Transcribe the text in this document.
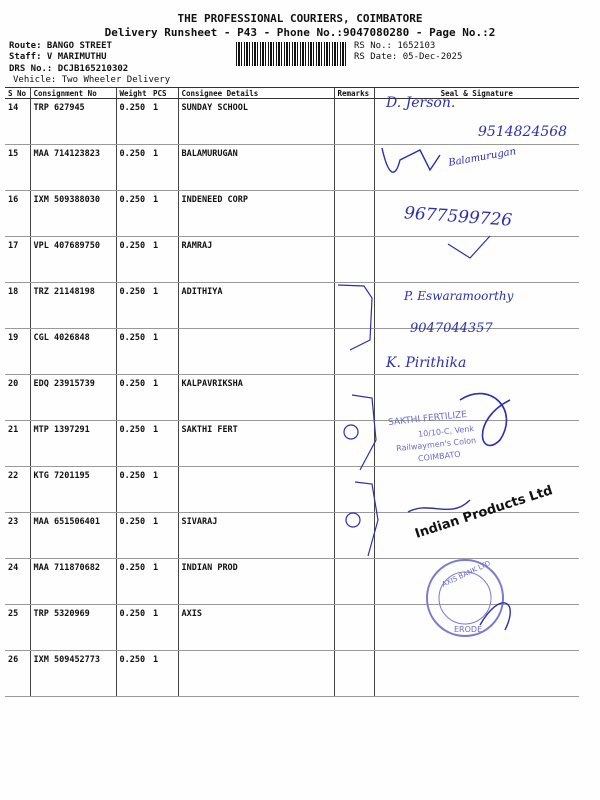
THE PROFESSIONAL COURIERS, COIMBATORE
Delivery Runsheet - P43 - Phone No.:9047080280 - Page No.:2
Route: BANGO STREET
Staff: V MARIMUTHU
DRS No.: DCJB165210302
Vehicle: Two Wheeler Delivery
RS No.: 1652103
RS Date: 05-Dec-2025
S No	Consignment No	Weight	PCS	Consignee Details	Remarks	Seal & Signature
14	TRP 627945	0.250	1	SUNDAY SCHOOL		
15	MAA 714123823	0.250	1	BALAMURUGAN		
16	IXM 509388030	0.250	1	INDENEED CORP		
17	VPL 407689750	0.250	1	RAMRAJ		
18	TRZ 21148198	0.250	1	ADITHIYA		
19	CGL 4026848	0.250	1			
20	EDQ 23915739	0.250	1	KALPAVRIKSHA		
21	MTP 1397291	0.250	1	SAKTHI FERT		
22	KTG 7201195	0.250	1			
23	MAA 651506401	0.250	1	SIVARAJ		
24	MAA 711870682	0.250	1	INDIAN PROD		
25	TRP 5320969	0.250	1	AXIS		
26	IXM 509452773	0.250	1			
D. Jerson.
9514824568
Balamurugan
9677599726
P. Eswaramoorthy
9047044357
K. Pirithika
SAKTHI FERTILIZE
10/10-C, Venk
Railwaymen's Colon
COIMBATO
Indian Products Ltd
AXIS BANK LTD
ERODE
